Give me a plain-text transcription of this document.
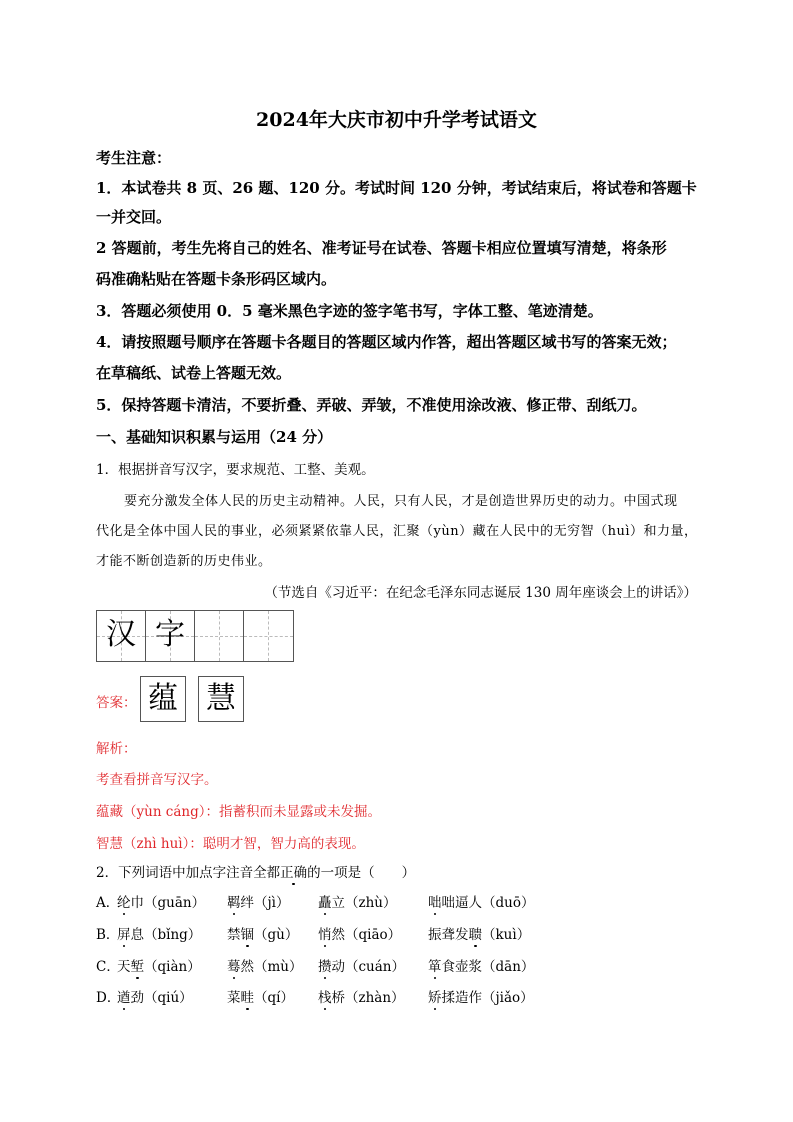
2024年大庆市初中升学考试语文
考生注意：
1．本试卷共 8 页、26 题、120 分。考试时间 120 分钟，考试结束后，将试卷和答题卡
一并交回。
2 答题前，考生先将自己的姓名、准考证号在试卷、答题卡相应位置填写清楚，将条形
码准确粘贴在答题卡条形码区域内。
3．答题必须使用 0．5 毫米黑色字迹的签字笔书写，字体工整、笔迹清楚。
4．请按照题号顺序在答题卡各题目的答题区域内作答，超出答题区域书写的答案无效；
在草稿纸、试卷上答题无效。
5．保持答题卡清洁，不要折叠、弄破、弄皱，不准使用涂改液、修正带、刮纸刀。
一、基础知识积累与运用（24 分）
1．根据拼音写汉字，要求规范、工整、美观。
要充分激发全体人民的历史主动精神。人民，只有人民，才是创造世界历史的动力。中国式现
代化是全体中国人民的事业，必须紧紧依靠人民，汇聚（yùn）藏在人民中的无穷智（huì）和力量，
才能不断创造新的历史伟业。
（节选自《习近平：在纪念毛泽东同志诞辰 130 周年座谈会上的讲话》）
汉 字
答案： 蕴 慧
解析：
考查看拼音写汉字。
蕴藏（yùn cáng）：指蓄积而未显露或未发掘。
智慧（zhì huì）：聪明才智，智力高的表现。
2．下列词语中加点字注音全都正确的一项是（　　）
A．
纶巾（guān） 羁绊（jì） 矗立（zhù） 咄咄逼人（duō）
B．
屏息（bǐng） 禁锢（gù） 悄然（qiāo） 振聋发聩（kuì）
C．
天堑（qiàn） 蓦然（mù） 攒动（cuán） 箪食壶浆（dān）
D．
遒劲（qiú）	菜畦（qí） 栈桥（zhàn） 矫揉造作（jiǎo）
